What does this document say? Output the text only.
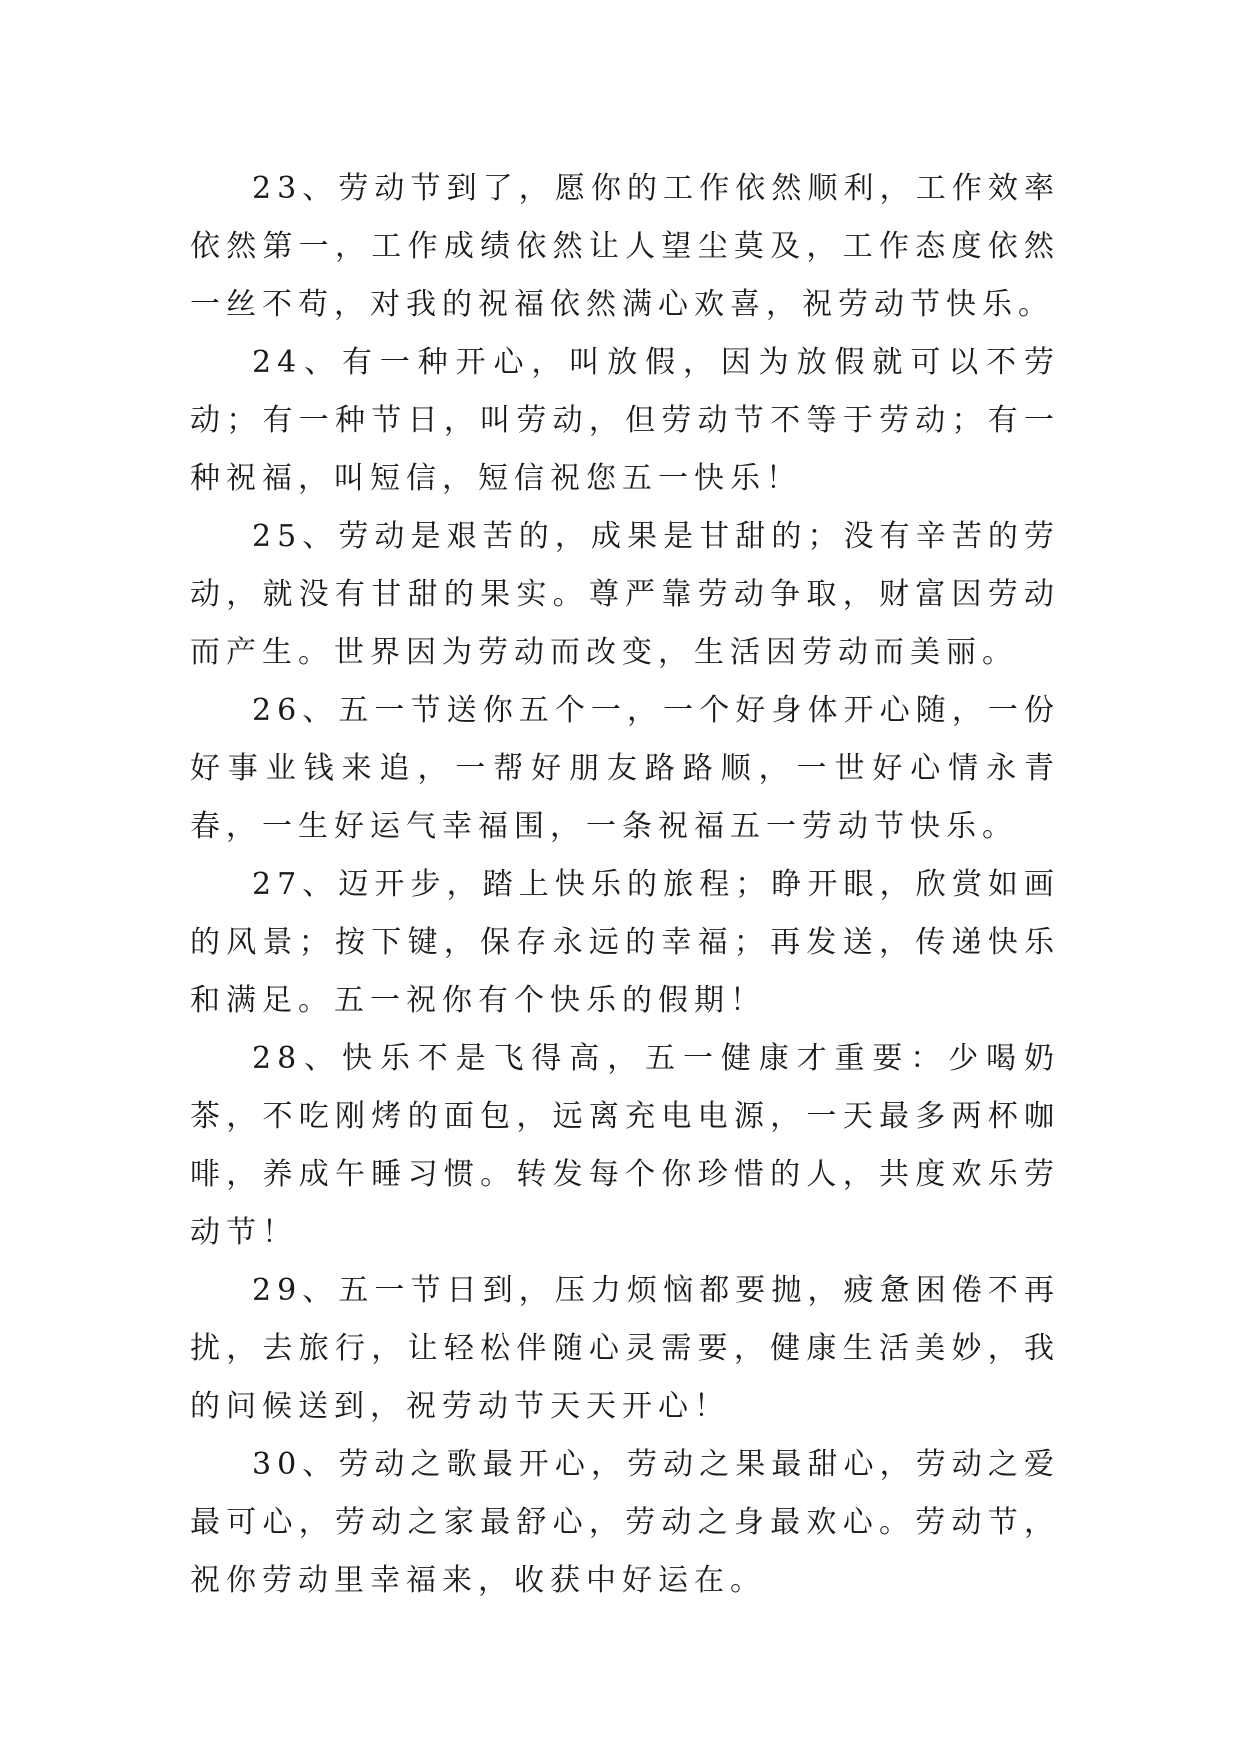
23、劳动节到了，愿你的工作依然顺利，工作效率依然第一，工作成绩依然让人望尘莫及，工作态度依然一丝不苟，对我的祝福依然满心欢喜，祝劳动节快乐。

24、有一种开心，叫放假，因为放假就可以不劳动；有一种节日，叫劳动，但劳动节不等于劳动；有一种祝福，叫短信，短信祝您五一快乐！

25、劳动是艰苦的，成果是甘甜的；没有辛苦的劳动，就没有甘甜的果实。尊严靠劳动争取，财富因劳动而产生。世界因为劳动而改变，生活因劳动而美丽。

26、五一节送你五个一，一个好身体开心随，一份好事业钱来追，一帮好朋友路路顺，一世好心情永青春，一生好运气幸福围，一条祝福五一劳动节快乐。

27、迈开步，踏上快乐的旅程；睁开眼，欣赏如画的风景；按下键，保存永远的幸福；再发送，传递快乐和满足。五一祝你有个快乐的假期！

28、快乐不是飞得高，五一健康才重要：少喝奶茶，不吃刚烤的面包，远离充电电源，一天最多两杯咖啡，养成午睡习惯。转发每个你珍惜的人，共度欢乐劳动节！

29、五一节日到，压力烦恼都要抛，疲惫困倦不再扰，去旅行，让轻松伴随心灵需要，健康生活美妙，我的问候送到，祝劳动节天天开心！

30、劳动之歌最开心，劳动之果最甜心，劳动之爱最可心，劳动之家最舒心，劳动之身最欢心。劳动节，祝你劳动里幸福来，收获中好运在。
